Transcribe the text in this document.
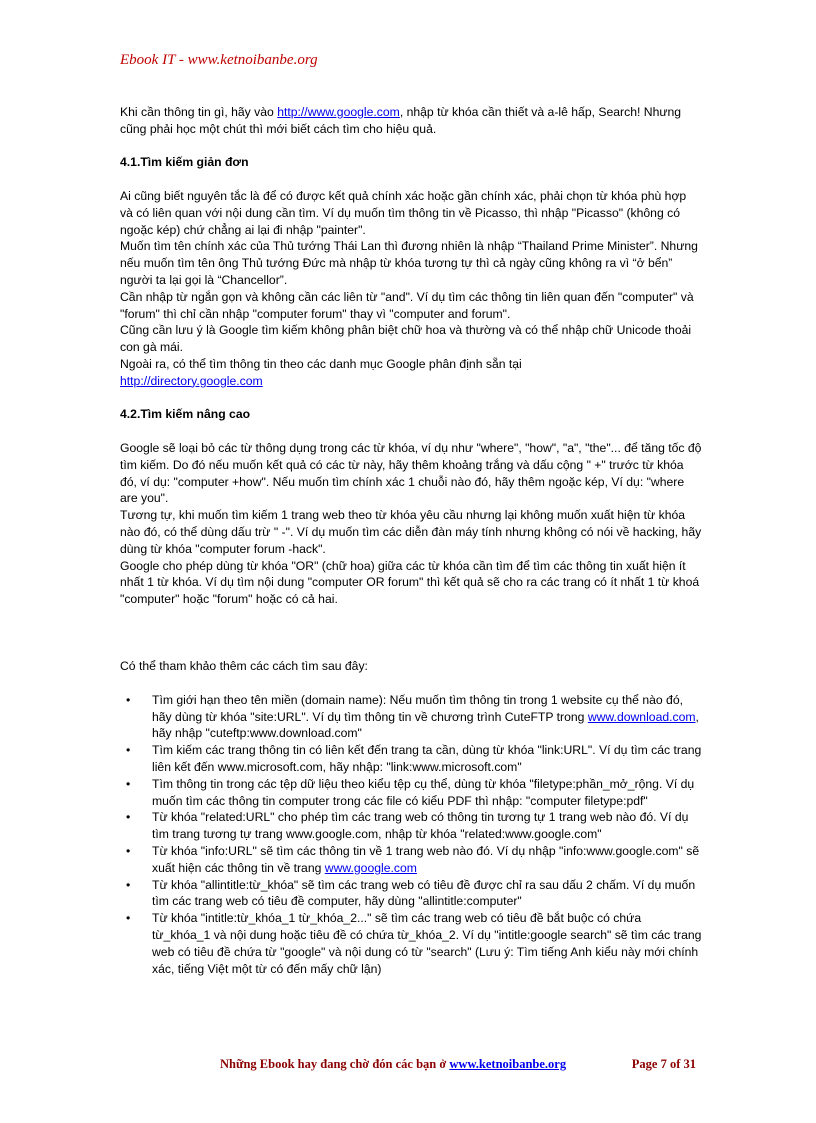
Ebook IT - www.ketnoibanbe.org

Khi cần thông tin gì, hãy vào http://www.google.com, nhập từ khóa cần thiết và a-lê hấp, Search! Nhưng cũng phải học một chút thì mới biết cách tìm cho hiệu quả.

4.1.Tìm kiếm giản đơn

Ai cũng biết nguyên tắc là để có được kết quả chính xác hoặc gần chính xác, phải chọn từ khóa phù hợp và có liên quan với nội dung cần tìm. Ví dụ muốn tìm thông tin về Picasso, thì nhập "Picasso" (không có ngoặc kép) chứ chẳng ai lại đi nhập "painter".

Muốn tìm tên chính xác của Thủ tướng Thái Lan thì đương nhiên là nhập “Thailand Prime Minister”. Nhưng nếu muốn tìm tên ông Thủ tướng Đức mà nhập từ khóa tương tự thì cả ngày cũng không ra vì “ở bển” người ta lại gọi là “Chancellor”.

Cần nhập từ ngắn gọn và không cần các liên từ "and". Ví dụ tìm các thông tin liên quan đến "computer" và "forum" thì chỉ cần nhập "computer forum" thay vì "computer and forum".

Cũng cần lưu ý là Google tìm kiếm không phân biệt chữ hoa và thường và có thể nhập chữ Unicode thoải con gà mái.

Ngoài ra, có thể tìm thông tin theo các danh mục Google phân định sẵn tại

http://directory.google.com

4.2.Tìm kiếm nâng cao

Google sẽ loại bỏ các từ thông dụng trong các từ khóa, ví dụ như "where", "how", "a", "the"... để tăng tốc độ tìm kiếm. Do đó nếu muốn kết quả có các từ này, hãy thêm khoảng trắng và dấu cộng " +" trước từ khóa đó, ví dụ: "computer +how". Nếu muốn tìm chính xác 1 chuỗi nào đó, hãy thêm ngoặc kép, Ví dụ: "where are you".

Tương tự, khi muốn tìm kiếm 1 trang web theo từ khóa yêu cầu nhưng lại không muốn xuất hiện từ khóa nào đó, có thể dùng dấu trừ " -". Ví dụ muốn tìm các diễn đàn máy tính nhưng không có nói về hacking, hãy dùng từ khóa "computer forum -hack".

Google cho phép dùng từ khóa "OR" (chữ hoa) giữa các từ khóa cần tìm để tìm các thông tin xuất hiện ít nhất 1 từ khóa. Ví dụ tìm nội dung "computer OR forum" thì kết quả sẽ cho ra các trang có ít nhất 1 từ khoá "computer" hoặc "forum" hoặc có cả hai.

Có thể tham khảo thêm các cách tìm sau đây:

• Tìm giới hạn theo tên miền (domain name): Nếu muốn tìm thông tin trong 1 website cụ thể nào đó, hãy dùng từ khóa "site:URL". Ví dụ tìm thông tin về chương trình CuteFTP trong www.download.com, hãy nhập "cuteftp:www.download.com"
• Tìm kiếm các trang thông tin có liên kết đến trang ta cần, dùng từ khóa "link:URL". Ví dụ tìm các trang liên kết đến www.microsoft.com, hãy nhập: "link:www.microsoft.com"
• Tìm thông tin trong các tệp dữ liệu theo kiểu tệp cụ thể, dùng từ khóa "filetype:phần_mở_rộng. Ví dụ muốn tìm các thông tin computer trong các file có kiểu PDF thì nhập: "computer filetype:pdf"
• Từ khóa "related:URL" cho phép tìm các trang web có thông tin tương tự 1 trang web nào đó. Ví dụ tìm trang tương tự trang www.google.com, nhập từ khóa "related:www.google.com"
• Từ khóa "info:URL" sẽ tìm các thông tin về 1 trang web nào đó. Ví dụ nhập "info:www.google.com" sẽ xuất hiện các thông tin về trang www.google.com
• Từ khóa "allintitle:từ_khóa" sẽ tìm các trang web có tiêu đề được chỉ ra sau dấu 2 chấm. Ví dụ muốn tìm các trang web có tiêu đề computer, hãy dùng "allintitle:computer"
• Từ khóa "intitle:từ_khóa_1 từ_khóa_2..." sẽ tìm các trang web có tiêu đề bắt buộc có chứa từ_khóa_1 và nội dung hoặc tiêu đề có chứa từ_khóa_2. Ví dụ "intitle:google search" sẽ tìm các trang web có tiêu đề chứa từ "google" và nội dung có từ "search" (Lưu ý: Tìm tiếng Anh kiểu này mới chính xác, tiếng Việt một từ có đến mấy chữ lận)
Những Ebook hay đang chờ đón các bạn ở www.ketnoibanbe.org	Page 7 of 31
